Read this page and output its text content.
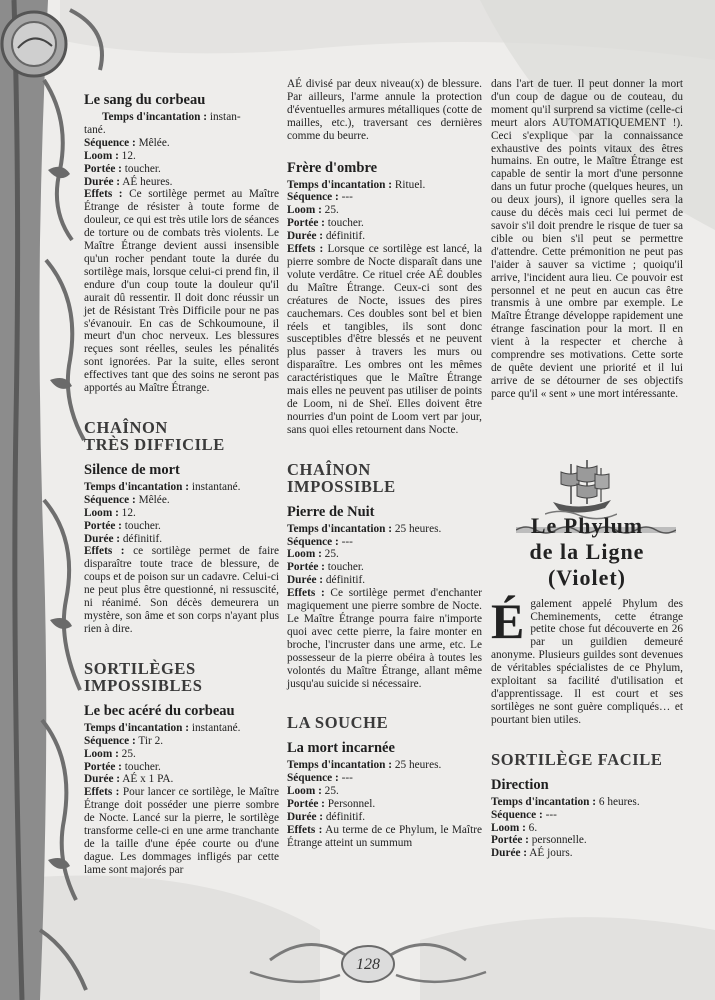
Le sang du corbeau
Temps d'incantation : instan-
tané.
Séquence : Mêlée.
Loom : 12.
Portée : toucher.
Durée : AÉ heures.

Effets : Ce sortilège permet au Maître Étrange de résister à toute forme de douleur, ce qui est très utile lors de séances de torture ou de combats très violents. Le Maître Étrange devient aussi insensible qu'un rocher pendant toute la durée du sortilège mais, lorsque celui-ci prend fin, il endure d'un coup toute la douleur qu'il aurait dû ressentir. Il doit donc réussir un jet de Résistant Très Difficile pour ne pas s'évanouir. En cas de Schkoumoune, il meurt d'un choc nerveux. Les blessures reçues sont réelles, seules les pénalités sont ignorées. Par la suite, elles seront effectives tant que des soins ne seront pas apportés au Maître Étrange.

CHAÎNON
TRÈS DIFFICILE
Silence de mort
Temps d'incantation : instantané.
Séquence : Mêlée.
Loom : 12.
Portée : toucher.
Durée : définitif.

Effets : ce sortilège permet de faire disparaître toute trace de blessure, de coups et de poison sur un cadavre. Celui-ci ne peut plus être questionné, ni ressuscité, ni réanimé. Son décès demeurera un mystère, son âme et son corps n'ayant plus rien à dire.

SORTILÈGES
IMPOSSIBLES
Le bec acéré du corbeau
Temps d'incantation : instantané.
Séquence : Tir 2.
Loom : 25.
Portée : toucher.
Durée : AÉ x 1 PA.

Effets : Pour lancer ce sortilège, le Maître Étrange doit posséder une pierre sombre de Nocte. Lancé sur la pierre, le sortilège transforme celle-ci en une arme tranchante de la taille d'une épée courte ou d'une dague. Les dommages infligés par cette lame sont majorés par

AÉ divisé par deux niveau(x) de blessure. Par ailleurs, l'arme annule la protection d'éventuelles armures métalliques (cotte de mailles, etc.), traversant ces dernières comme du beurre.

Frère d'ombre
Temps d'incantation : Rituel.
Séquence : ---
Loom : 25.
Portée : toucher.
Durée : définitif.

Effets : Lorsque ce sortilège est lancé, la pierre sombre de Nocte disparaît dans une volute verdâtre. Ce rituel crée AÉ doubles du Maître Étrange. Ceux-ci sont des créatures de Nocte, issues des pires cauchemars. Ces doubles sont bel et bien réels et tangibles, ils sont donc susceptibles d'être blessés et ne peuvent plus passer à travers les murs ou disparaître. Les ombres ont les mêmes caractéristiques que le Maître Étrange mais elles ne peuvent pas utiliser de points de Loom, ni de Sheï. Elles doivent être nourries d'un point de Loom vert par jour, sans quoi elles retournent dans Nocte.

CHAÎNON
IMPOSSIBLE
Pierre de Nuit
Temps d'incantation : 25 heures.
Séquence : ---
Loom : 25.
Portée : toucher.
Durée : définitif.

Effets : Ce sortilège permet d'enchanter magiquement une pierre sombre de Nocte. Le Maître Étrange pourra faire n'importe quoi avec cette pierre, la faire monter en broche, l'incruster dans une arme, etc. Le possesseur de la pierre obéira à toutes les volontés du Maître Étrange, allant même jusqu'au suicide si nécessaire.

LA SOUCHE
La mort incarnée
Temps d'incantation : 25 heures.
Séquence : ---
Loom : 25.
Portée : Personnel.
Durée : définitif.

Effets : Au terme de ce Phylum, le Maître Étrange atteint un summum

dans l'art de tuer. Il peut donner la mort d'un coup de dague ou de couteau, du moment qu'il surprend sa victime (celle-ci meurt alors AUTOMATIQUEMENT !). Ceci s'explique par la connaissance exhaustive des points vitaux des êtres humains. En outre, le Maître Étrange est capable de sentir la mort d'une personne dans un futur proche (quelques heures, un ou deux jours), il ignore quelles sera la cause du décès mais ceci lui permet de savoir s'il doit prendre le risque de tuer sa cible ou bien s'il peut se permettre d'attendre. Cette prémonition ne peut pas l'aider à sauver sa victime ; quoiqu'il arrive, l'incident aura lieu. Ce pouvoir est personnel et ne peut en aucun cas être transmis à une ombre par exemple. Le Maître Étrange développe rapidement une étrange fascination pour la mort. Il en vient à la respecter et cherche à comprendre ses motivations. Cette sorte de quête devient une priorité et il lui arrive de se détourner de ses objectifs parce qu'il « sent » une mort intéressante.

Le Phylum
de la Ligne
(Violet)

Également appelé Phylum des Cheminements, cette étrange petite chose fut découverte en 26 par un guildien demeuré anonyme. Plusieurs guildes sont devenues de véritables spécialistes de ce Phylum, exploitant sa facilité d'utilisation et d'apprentissage. Il est court et ses sortilèges ne sont guère compliqués… et pourtant bien utiles.

SORTILÈGE FACILE
Direction
Temps d'incantation : 6 heures.
Séquence : ---
Loom : 6.
Portée : personnelle.
Durée : AÉ jours.
128
